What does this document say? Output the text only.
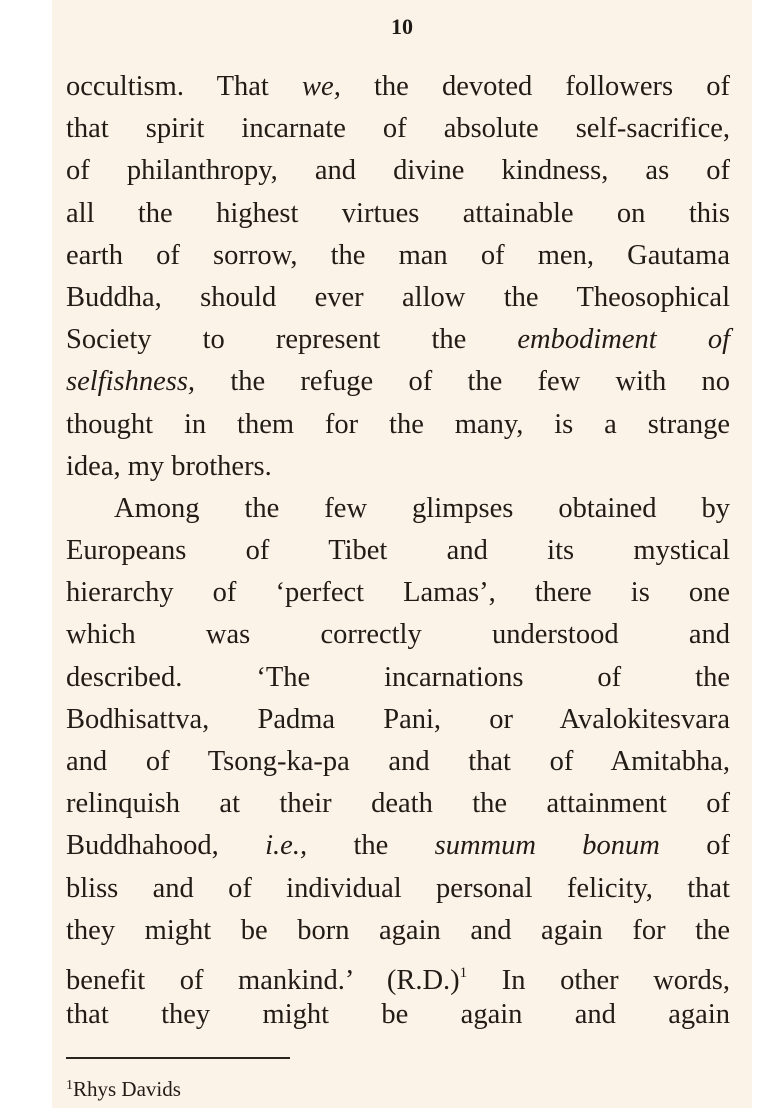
10
occultism. That we, the devoted followers of
that spirit incarnate of absolute self-sacrifice,
of philanthropy, and divine kindness, as of
all the highest virtues attainable on this
earth of sorrow, the man of men, Gautama
Buddha, should ever allow the Theosophical
Society to represent the embodiment of
selfishness, the refuge of the few with no
thought in them for the many, is a strange
idea, my brothers.
Among the few glimpses obtained by
Europeans of Tibet and its mystical
hierarchy of ‘perfect Lamas’, there is one
which was correctly understood and
described. ‘The incarnations of the
Bodhisattva, Padma Pani, or Avalokitesvara
and of Tsong-ka-pa and that of Amitabha,
relinquish at their death the attainment of
Buddhahood, i.e., the summum bonum of
bliss and of individual personal felicity, that
they might be born again and again for the
benefit of mankind.’ (R.D.)$^1$ In other words,
that they might be again and again
$^1$Rhys Davids
